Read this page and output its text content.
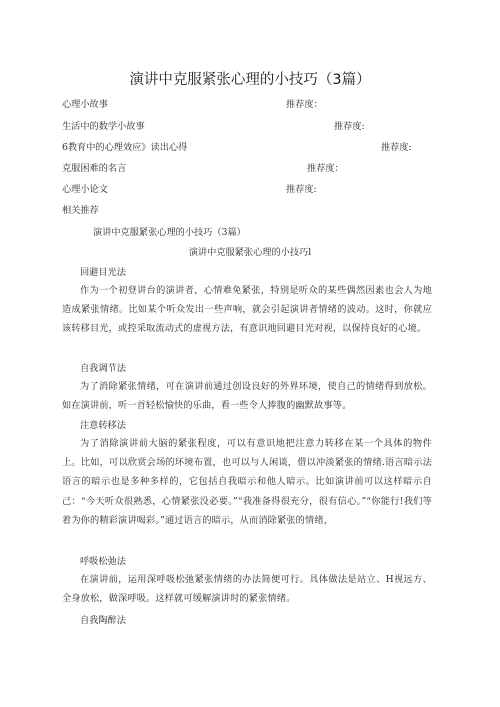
演讲中克服紧张心理的小技巧（3篇）
心理小故事	推荐度：
生活中的数学小故事	推荐度:
6教育中的心理效应》读出心得	推荐度:
克服困难的名言	推荐度：
心理小论文	推荐度:
相关推荐
演讲中克服紧张心理的小技巧（3篇）
演讲中克服紧张心理的小技巧l
回避目光法
作为一个初登讲台的演讲者，心情难免紧张，特别是听众的某些偶然因素也会人为地造成紧张情绪。比如某个听众发出一些声响，就会引起演讲者情绪的波动。这时，你就应该转移目光，或控采取流动式的虚视方法，有意识地回避目光对视，以保持良好的心境。
自我调节法
为了消除紧张情绪，可在演讲前通过创设良好的外界环境，使自己的情绪得到放松。如在演讲前，听一首轻松愉快的乐曲，看一些令人捧腹的幽默故事等。
注意转移法
为了消除演讲前大脑的紧张程度，可以有意识地把注意力转移在某一个具体的物件上。比如，可以欣赏会场的环境布置，也可以与人闲谈，借以冲淡紧张的情绪.语言暗示法语言的暗示也是多种多样的，它包括自我暗示和他人暗示。比如演讲前可以这样暗示自己：“今天听众很熟悉，心情紧张没必要。”“我准备得很充分，很有信心。”“你能行!我们等着为你的精彩演讲喝彩。”通过语言的暗示，从而消除紧张的情绪，
呼吸松弛法
在演讲前，运用深呼吸松弛紧张情绪的办法简便可行。具体做法是站立、H视远方、全身放松，做深呼吸。这样就可缓解演讲时的紧张情绪。
自我陶醉法
